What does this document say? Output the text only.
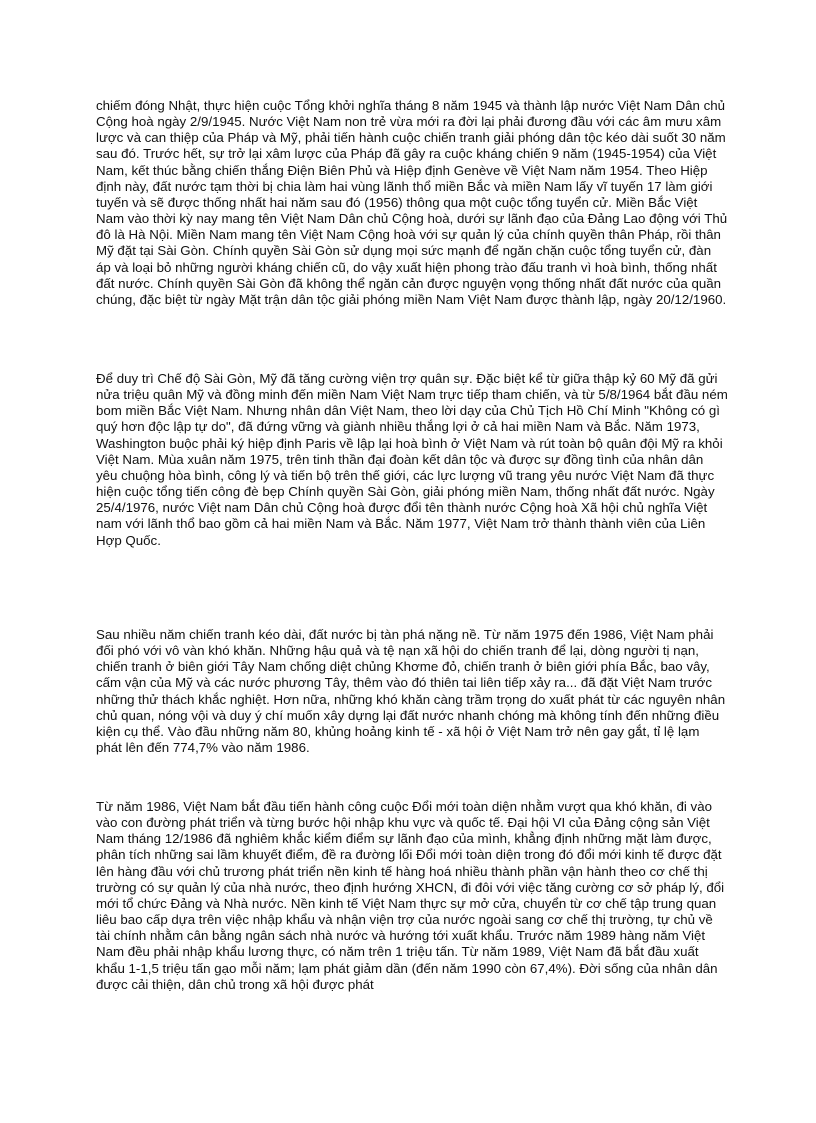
chiếm đóng Nhật, thực hiện cuộc Tổng khởi nghĩa tháng 8 năm 1945 và thành lập nước Việt Nam Dân chủ Cộng hoà ngày 2/9/1945. Nước Việt Nam non trẻ vừa mới ra đời lại phải đương đầu với các âm mưu xâm lược và can thiệp của Pháp và Mỹ, phải tiến hành cuộc chiến tranh giải phóng dân tộc kéo dài suốt 30 năm sau đó. Trước hết, sự trở lại xâm lược của Pháp đã gây ra cuộc kháng chiến 9 năm (1945-1954) của Việt Nam, kết thúc bằng chiến thắng Điện Biên Phủ và Hiệp định Genève về Việt Nam năm 1954. Theo Hiệp định này, đất nước tạm thời bị chia làm hai vùng lãnh thổ miền Bắc và miền Nam lấy vĩ tuyến 17 làm giới tuyến và sẽ được thống nhất hai năm sau đó (1956) thông qua một cuộc tổng tuyển cử. Miền Bắc Việt Nam vào thời kỳ nay mang tên Việt Nam Dân chủ Cộng hoà, dưới sự lãnh đạo của Đảng Lao động với Thủ đô là Hà Nội. Miền Nam mang tên Việt Nam Cộng hoà với sự quản lý của chính quyền thân Pháp, rồi thân Mỹ đặt tại Sài Gòn. Chính quyền Sài Gòn sử dụng mọi sức mạnh để ngăn chặn cuộc tổng tuyển cử, đàn áp và loại bỏ những người kháng chiến cũ, do vậy xuất hiện phong trào đấu tranh vì hoà bình, thống nhất đất nước. Chính quyền Sài Gòn đã không thể ngăn cản được nguyện vọng thống nhất đất nước của quần chúng, đặc biệt từ ngày Mặt trận dân tộc giải phóng miền Nam Việt Nam được thành lập, ngày 20/12/1960.
Để duy trì Chế độ Sài Gòn, Mỹ đã tăng cường viện trợ quân sự. Đặc biệt kể từ giữa thập kỷ 60 Mỹ đã gửi nửa triệu quân Mỹ và đồng minh đến miền Nam Việt Nam trực tiếp tham chiến, và từ 5/8/1964 bắt đầu ném bom miền Bắc Việt Nam. Nhưng nhân dân Việt Nam, theo lời dạy của Chủ Tịch Hồ Chí Minh "Không có gì quý hơn độc lập tự do", đã đứng vững và giành nhiều thắng lợi ở cả hai miền Nam và Bắc. Năm 1973, Washington buộc phải ký hiệp định Paris về lập lại hoà bình ở Việt Nam và rút toàn bộ quân đội Mỹ ra khỏi Việt Nam. Mùa xuân năm 1975, trên tinh thần đại đoàn kết dân tộc và được sự đồng tình của nhân dân yêu chuộng hòa bình, công lý và tiến bộ trên thế giới, các lực lượng vũ trang yêu nước Việt Nam đã thực hiện cuộc tổng tiến công đè bẹp Chính quyền Sài Gòn, giải phóng miền Nam, thống nhất đất nước. Ngày 25/4/1976, nước Việt nam Dân chủ Cộng hoà được đổi tên thành nước Cộng hoà Xã hội chủ nghĩa Việt nam với lãnh thổ bao gồm cả hai miền Nam và Bắc. Năm 1977, Việt Nam trở thành thành viên của Liên Hợp Quốc.
Sau nhiều năm chiến tranh kéo dài, đất nước bị tàn phá nặng nề. Từ năm 1975 đến 1986, Việt Nam phải đối phó với vô vàn khó khăn. Những hậu quả và tệ nạn xã hội do chiến tranh để lại, dòng người tị nạn, chiến tranh ở biên giới Tây Nam chống diệt chủng Khơme đỏ, chiến tranh ở biên giới phía Bắc, bao vây, cấm vận của Mỹ và các nước phương Tây, thêm vào đó thiên tai liên tiếp xảy ra... đã đặt Việt Nam trước những thử thách khắc nghiệt. Hơn nữa, những khó khăn càng trầm trọng do xuất phát từ các nguyên nhân chủ quan, nóng vội và duy ý chí muốn xây dựng lại đất nước nhanh chóng mà không tính đến những điều kiện cụ thể. Vào đầu những năm 80, khủng hoảng kinh tế - xã hội ở Việt Nam trở nên gay gắt, tỉ lệ lạm phát lên đến 774,7% vào năm 1986.
Từ năm 1986, Việt Nam bắt đầu tiến hành công cuộc Đổi mới toàn diện nhằm vượt qua khó khăn, đi vào vào con đường phát triển và từng bước hội nhập khu vực và quốc tế. Đại hội VI của Đảng cộng sản Việt Nam tháng 12/1986 đã nghiêm khắc kiểm điểm sự lãnh đạo của mình, khẳng định những mặt làm được, phân tích những sai lầm khuyết điểm, đề ra đường lối Đổi mới toàn diện trong đó đổi mới kinh tế được đặt lên hàng đầu với chủ trương phát triển nền kinh tế hàng hoá nhiều thành phần vận hành theo cơ chế thị trường có sự quản lý của nhà nước, theo định hướng XHCN, đi đôi với việc tăng cường cơ sở pháp lý, đổi mới tổ chức Đảng và Nhà nước. Nền kinh tế Việt Nam thực sự mở cửa, chuyển từ cơ chế tập trung quan liêu bao cấp dựa trên việc nhập khẩu và nhận viện trợ của nước ngoài sang cơ chế thị trường, tự chủ về tài chính nhằm cân bằng ngân sách nhà nước và hướng tới xuất khẩu. Trước năm 1989 hàng năm Việt Nam đều phải nhập khẩu lương thực, có năm trên 1 triệu tấn. Từ năm 1989, Việt Nam đã bắt đầu xuất khẩu 1-1,5 triệu tấn gạo mỗi năm; lạm phát giảm dần (đến năm 1990 còn 67,4%). Đời sống của nhân dân được cải thiện, dân chủ trong xã hội được phát
